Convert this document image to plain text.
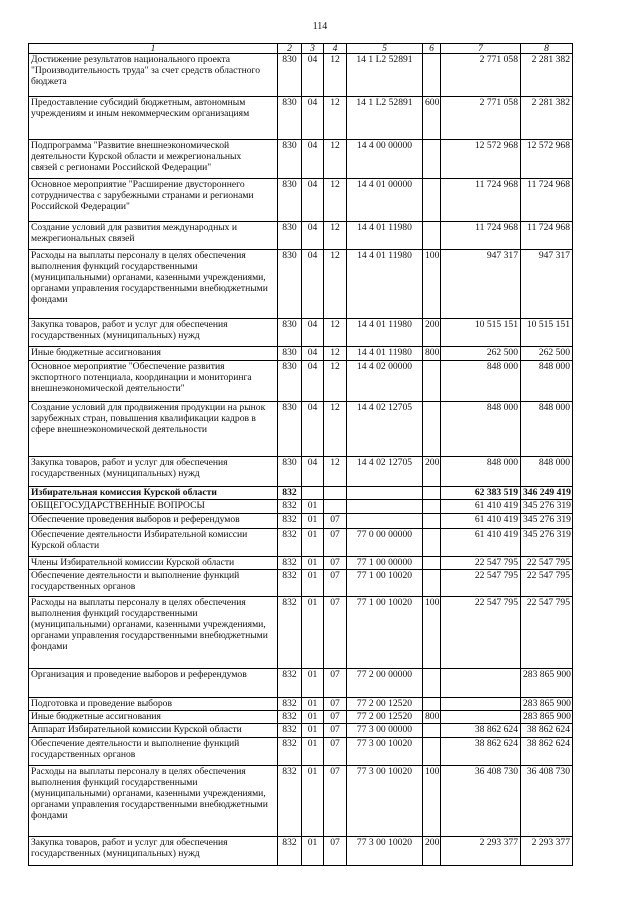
114
1	2	3	4	5	6	7	8
Достижение результатов национального проекта
"Производительность труда" за счет средств областного
бюджета	830	04	12	14 1 L2 52891		2 771 058	2 281 382
Предоставление субсидий бюджетным, автономным
учреждениям и иным некоммерческим организациям	830	04	12	14 1 L2 52891	600	2 771 058	2 281 382
Подпрограмма "Развитие внешнеэкономической
деятельности Курской области и межрегиональных
связей с регионами Российской Федерации"	830	04	12	14 4 00 00000		12 572 968	12 572 968
Основное мероприятие "Расширение двустороннего
сотрудничества с зарубежными странами и регионами
Российской Федерации"	830	04	12	14 4 01 00000		11 724 968	11 724 968
Создание условий для развития международных и
межрегиональных связей	830	04	12	14 4 01 11980		11 724 968	11 724 968
Расходы на выплаты персоналу в целях обеспечения
выполнения функций государственными
(муниципальными) органами, казенными учреждениями,
органами управления государственными внебюджетными
фондами	830	04	12	14 4 01 11980	100	947 317	947 317
Закупка товаров, работ и услуг для обеспечения
государственных (муниципальных) нужд	830	04	12	14 4 01 11980	200	10 515 151	10 515 151
Иные бюджетные ассигнования	830	04	12	14 4 01 11980	800	262 500	262 500
Основное мероприятие "Обеспечение развития
экспортного потенциала, координации и мониторинга
внешнеэкономической деятельности"	830	04	12	14 4 02 00000		848 000	848 000
Создание условий для продвижения продукции на рынок
зарубежных стран, повышения квалификации кадров в
сфере внешнеэкономической деятельности	830	04	12	14 4 02 12705		848 000	848 000
Закупка товаров, работ и услуг для обеспечения
государственных (муниципальных) нужд	830	04	12	14 4 02 12705	200	848 000	848 000
Избирательная комиссия Курской области	832					62 383 519	346 249 419
ОБЩЕГОСУДАРСТВЕННЫЕ ВОПРОСЫ	832	01				61 410 419	345 276 319
Обеспечение проведения выборов и референдумов	832	01	07			61 410 419	345 276 319
Обеспечение деятельности Избирательной комиссии
Курской области	832	01	07	77 0 00 00000		61 410 419	345 276 319
Члены Избирательной комиссии Курской области	832	01	07	77 1 00 00000		22 547 795	22 547 795
Обеспечение деятельности и выполнение функций
государственных органов	832	01	07	77 1 00 10020		22 547 795	22 547 795
Расходы на выплаты персоналу в целях обеспечения
выполнения функций государственными
(муниципальными) органами, казенными учреждениями,
органами управления государственными внебюджетными
фондами	832	01	07	77 1 00 10020	100	22 547 795	22 547 795
Организация и проведение выборов и референдумов	832	01	07	77 2 00 00000			283 865 900
Подготовка и проведение выборов	832	01	07	77 2 00 12520			283 865 900
Иные бюджетные ассигнования	832	01	07	77 2 00 12520	800		283 865 900
Аппарат Избирательной комиссии Курской области	832	01	07	77 3 00 00000		38 862 624	38 862 624
Обеспечение деятельности и выполнение функций
государственных органов	832	01	07	77 3 00 10020		38 862 624	38 862 624
Расходы на выплаты персоналу в целях обеспечения
выполнения функций государственными
(муниципальными) органами, казенными учреждениями,
органами управления государственными внебюджетными
фондами	832	01	07	77 3 00 10020	100	36 408 730	36 408 730
Закупка товаров, работ и услуг для обеспечения
государственных (муниципальных) нужд	832	01	07	77 3 00 10020	200	2 293 377	2 293 377
